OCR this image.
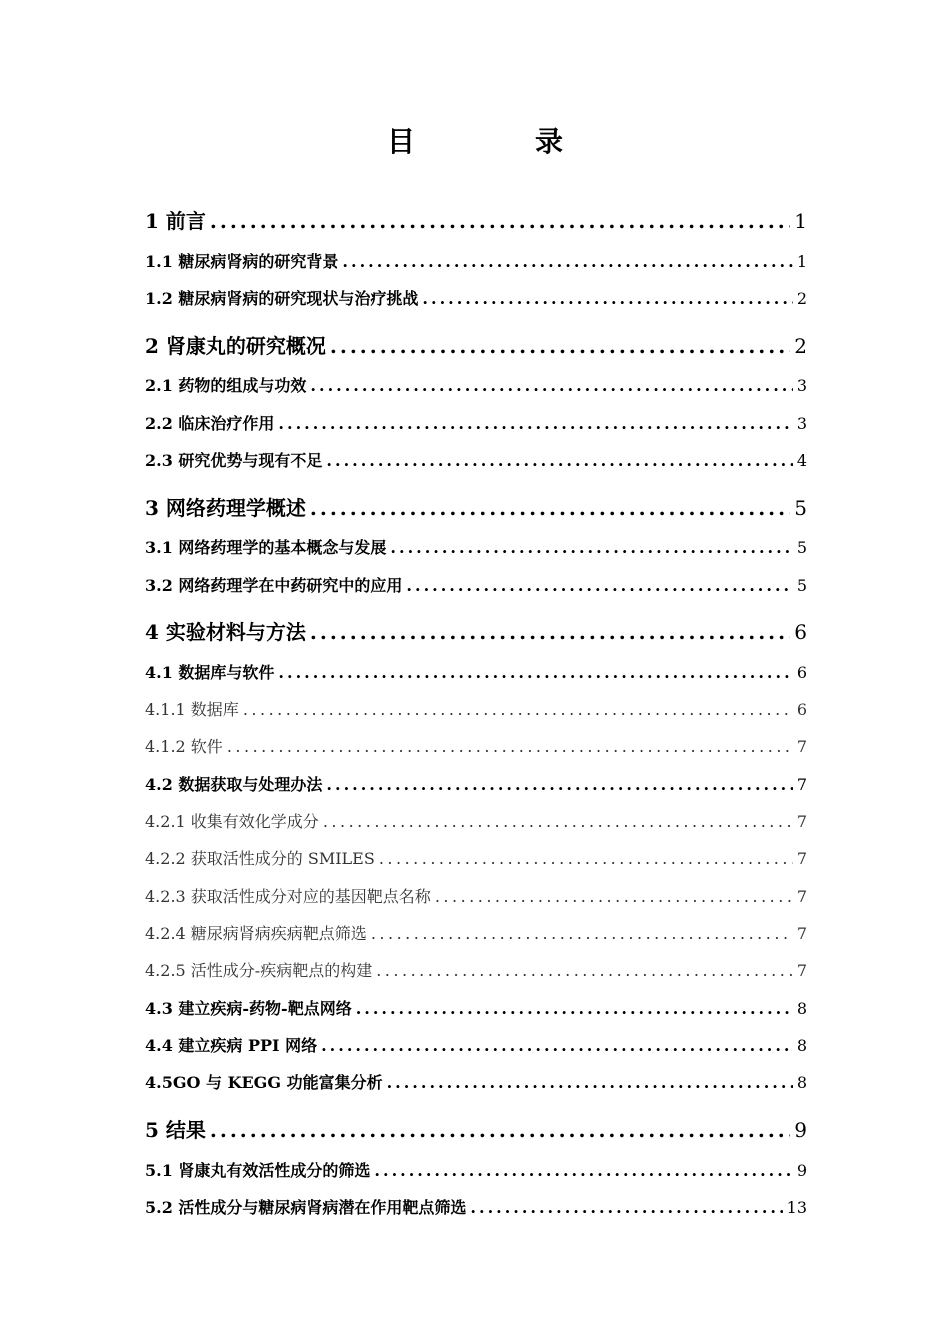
目　录
1 前言 .....	1
1.1 糖尿病肾病的研究背景 .....	1
1.2 糖尿病肾病的研究现状与治疗挑战 .....	2
2 肾康丸的研究概况 .....	2
2.1 药物的组成与功效 .....	3
2.2 临床治疗作用 .....	3
2.3 研究优势与现有不足 .....	4
3 网络药理学概述 .....	5
3.1 网络药理学的基本概念与发展 .....	5
3.2 网络药理学在中药研究中的应用 .....	5
4 实验材料与方法 .....	6
4.1 数据库与软件 .....	6
4.1.1 数据库 .....	6
4.1.2 软件 .....	7
4.2 数据获取与处理办法 .....	7
4.2.1 收集有效化学成分 .....	7
4.2.2 获取活性成分的 SMILES .....	7
4.2.3 获取活性成分对应的基因靶点名称 .....	7
4.2.4 糖尿病肾病疾病靶点筛选 .....	7
4.2.5 活性成分-疾病靶点的构建 .....	7
4.3 建立疾病-药物-靶点网络 .....	8
4.4 建立疾病 PPI 网络 .....	8
4.5GO 与 KEGG 功能富集分析 .....	8
5 结果 .....	9
5.1 肾康丸有效活性成分的筛选 .....	9
5.2 活性成分与糖尿病肾病潜在作用靶点筛选 .....	13
